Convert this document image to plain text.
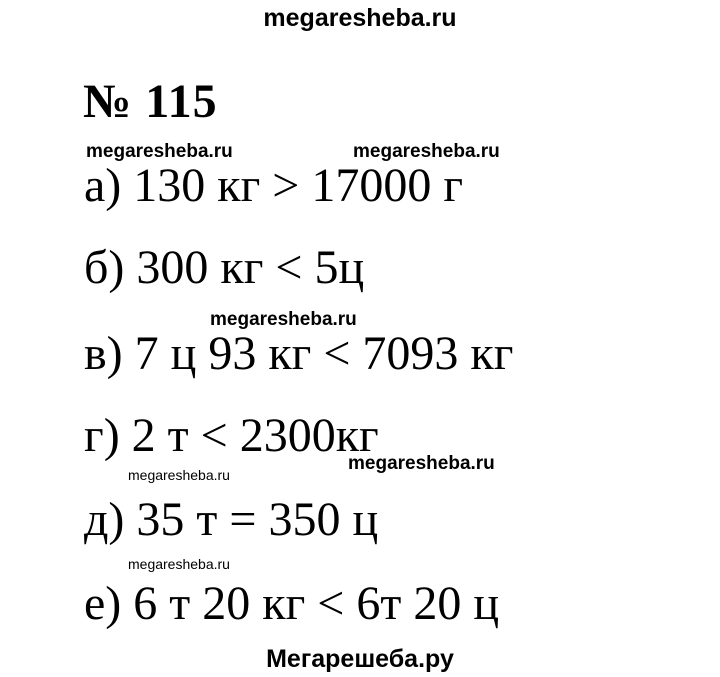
megaresheba.ru
№ 115
megaresheba.ru	megaresheba.ru
а) 130 кг > 17000 г
б) 300 кг < 5ц
megaresheba.ru
в) 7 ц 93 кг < 7093 кг
г) 2 т < 2300кг
megaresheba.ru
megaresheba.ru
д) 35 т = 350 ц
megaresheba.ru
е) 6 т 20 кг < 6т 20 ц
Мегарешеба.ру
